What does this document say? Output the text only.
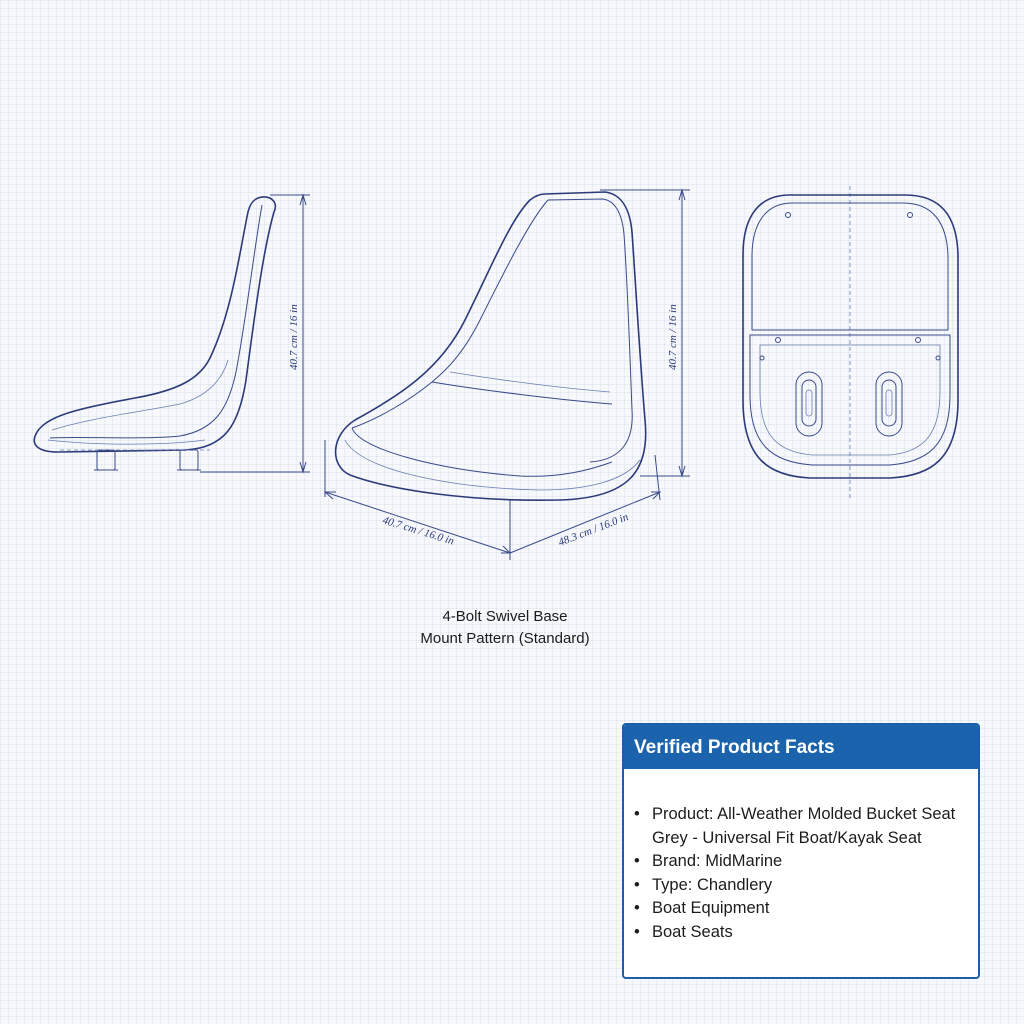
40.7 cm / 16 in	40.7 cm / 16 in
40.7 cm / 16.0 in	48.3 cm / 16.0 in
4-Bolt Swivel Base
Mount Pattern (Standard)
Verified Product Facts
• Product: All-Weather Molded Bucket Seat
Grey - Universal Fit Boat/Kayak Seat
• Brand: MidMarine
• Type: Chandlery
• Boat Equipment
• Boat Seats
